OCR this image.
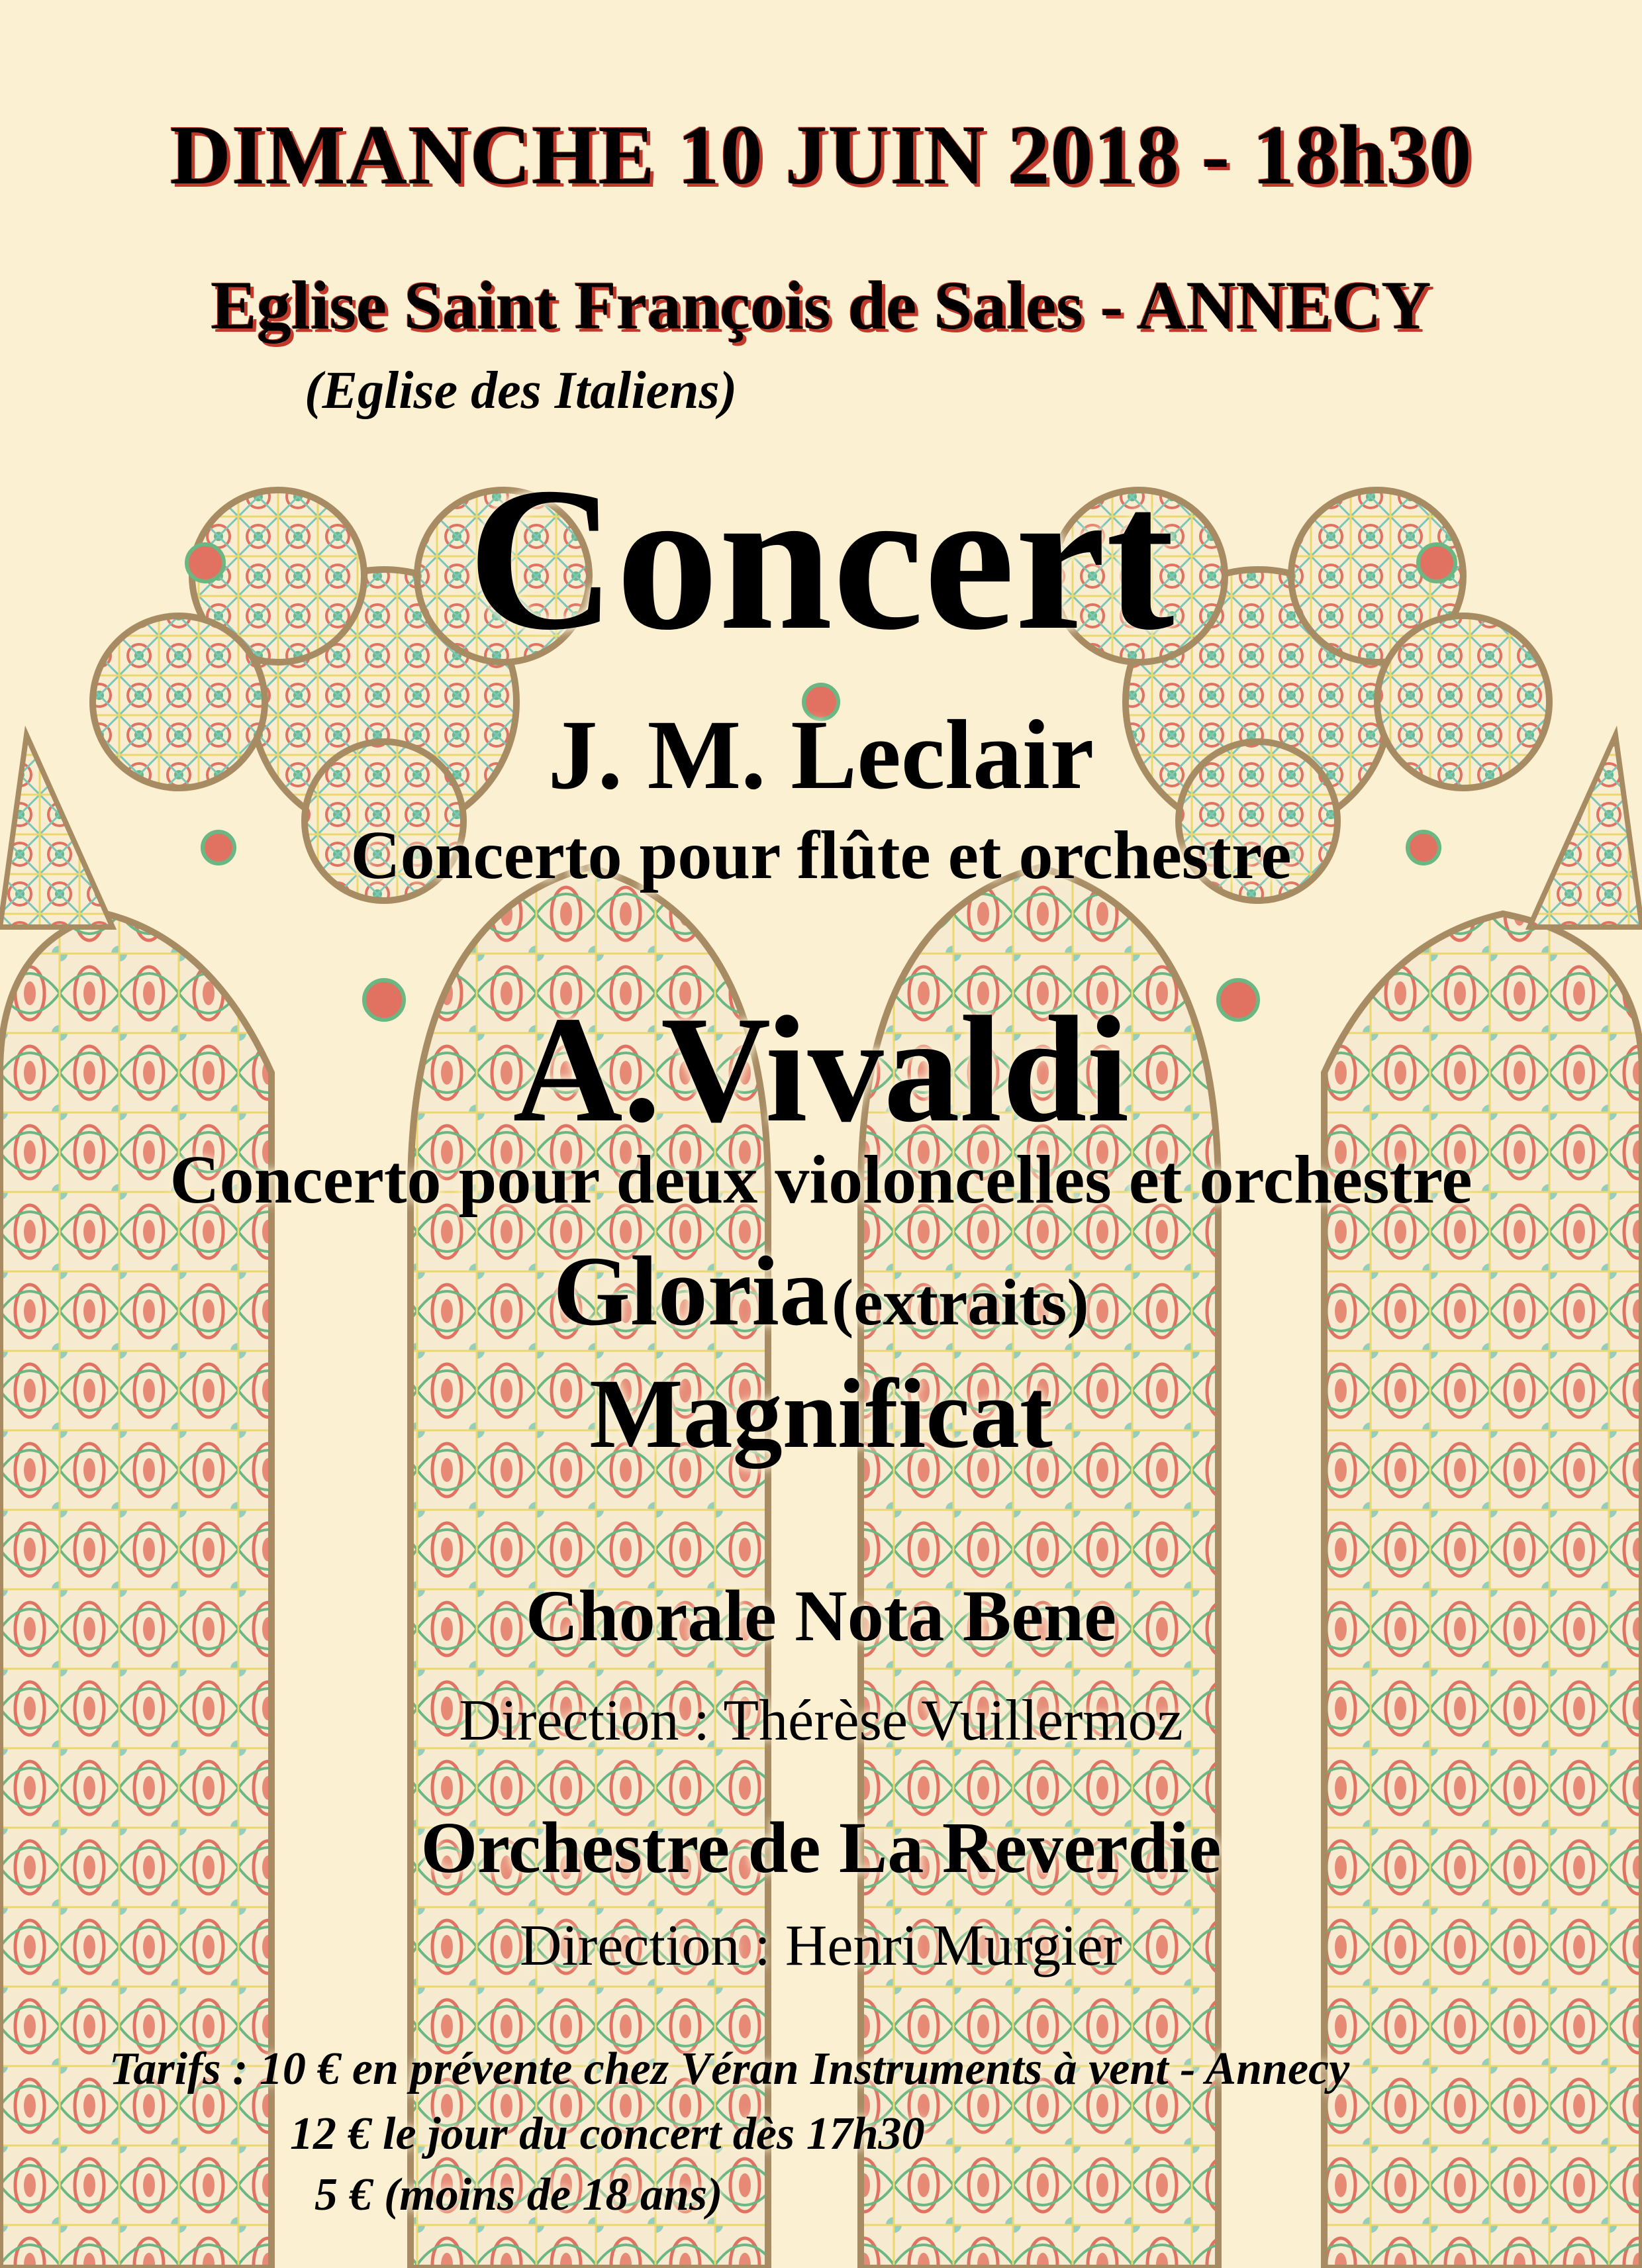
DIMANCHE 10 JUIN 2018 - 18h30
Eglise Saint François de Sales - ANNECY
(Eglise des Italiens)
Concert
J. M. Leclair
Concerto pour flûte et orchestre
A.Vivaldi
Concerto pour deux violoncelles et orchestre
Gloria (extraits)
Magnificat
Chorale Nota Bene
Direction : Thérèse Vuillermoz
Orchestre de La Reverdie
Direction : Henri Murgier
Tarifs : 10 € en prévente chez Véran Instruments à vent - Annecy
12 € le jour du concert dès 17h30
5 € (moins de 18 ans)
